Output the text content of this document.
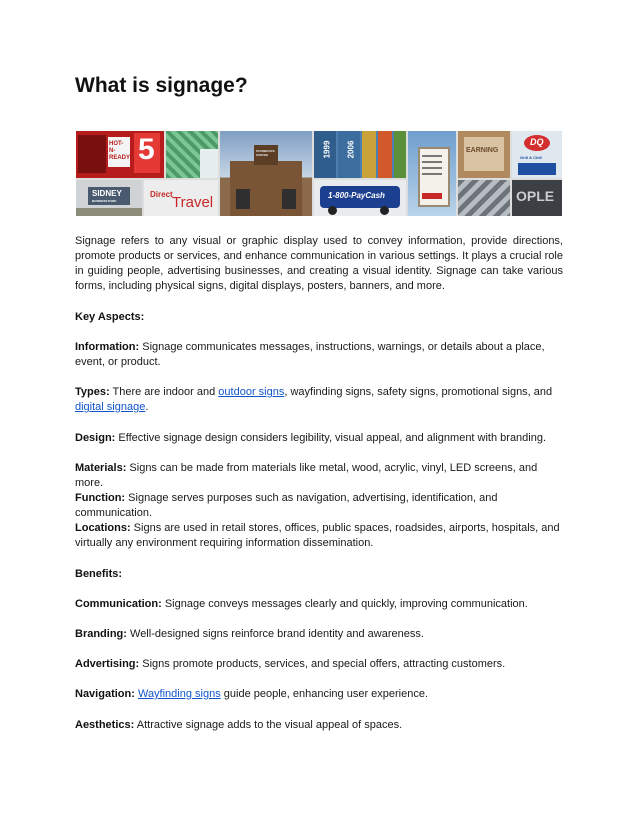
What is signage?
HOT-N- READY 5
SIDNEY
BUSINESS PARK
Direct Travel
STARBUCKS COFFEE	1999 2006
1-800-PayCash
EARNING
DQ
Grill & Chill
OPLE

Signage refers to any visual or graphic display used to convey information, provide directions, promote products or services, and enhance communication in various settings. It plays a crucial role in guiding people, advertising businesses, and creating a visual identity. Signage can take various forms, including physical signs, digital displays, posters, banners, and more.

Key Aspects:
Information: Signage communicates messages, instructions, warnings, or details about a place, event, or product.
Types: There are indoor and outdoor signs, wayfinding signs, safety signs, promotional signs, and digital signage.
Design: Effective signage design considers legibility, visual appeal, and alignment with branding.
Materials: Signs can be made from materials like metal, wood, acrylic, vinyl, LED screens, and more.
Function: Signage serves purposes such as navigation, advertising, identification, and communication.
Locations: Signs are used in retail stores, offices, public spaces, roadsides, airports, hospitals, and virtually any environment requiring information dissemination.
Benefits:
Communication: Signage conveys messages clearly and quickly, improving communication.
Branding: Well-designed signs reinforce brand identity and awareness.
Advertising: Signs promote products, services, and special offers, attracting customers.
Navigation: Wayfinding signs guide people, enhancing user experience.
Aesthetics: Attractive signage adds to the visual appeal of spaces.
